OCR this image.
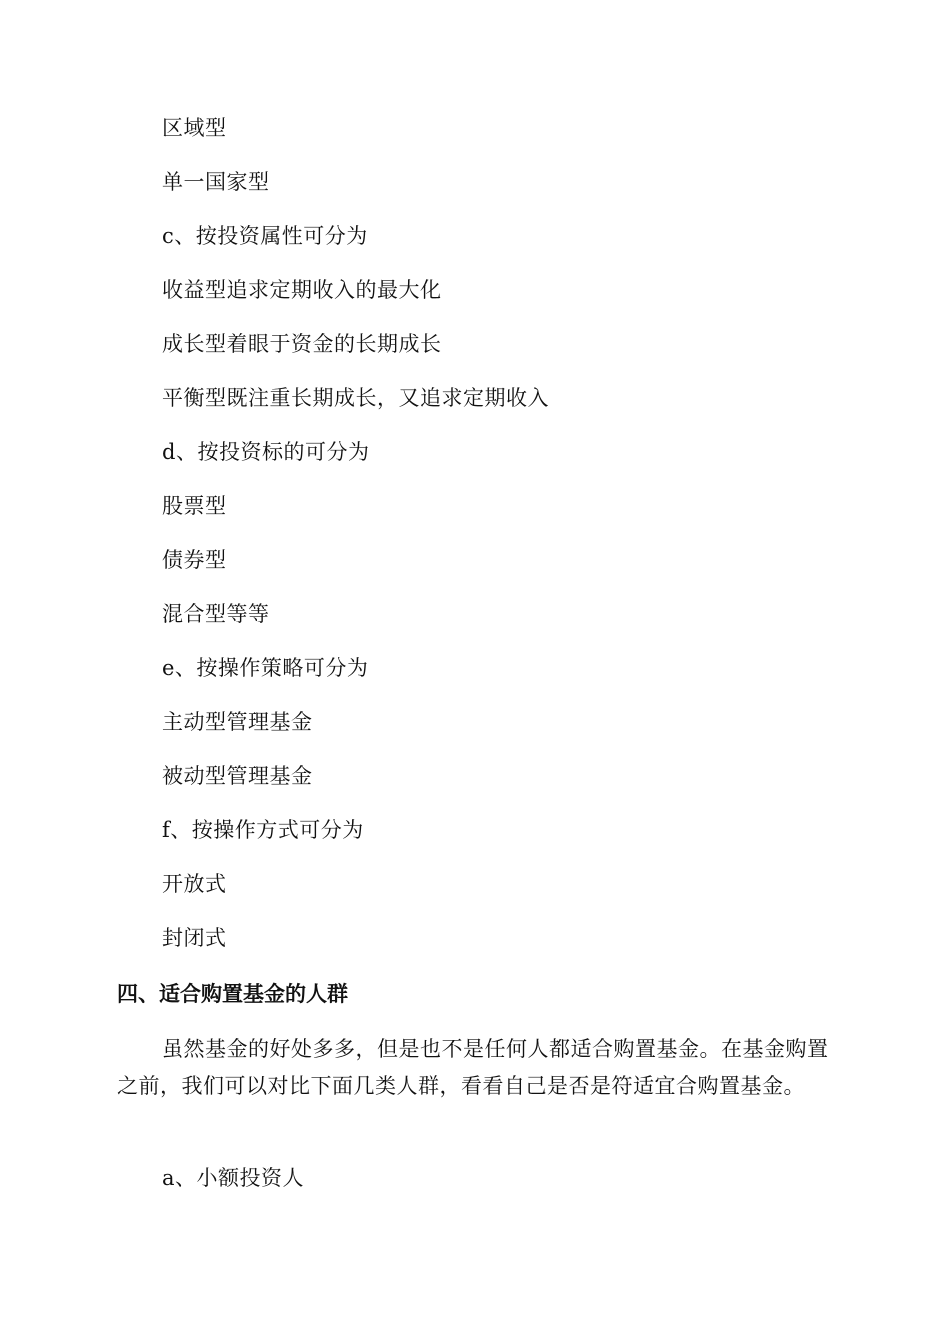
区域型
单一国家型
c、按投资属性可分为
收益型追求定期收入的最大化
成长型着眼于资金的长期成长
平衡型既注重长期成长，又追求定期收入
d、按投资标的可分为
股票型
债券型
混合型等等
e、按操作策略可分为
主动型管理基金
被动型管理基金
f、按操作方式可分为
开放式
封闭式
四、适合购置基金的人群
虽然基金的好处多多，但是也不是任何人都适合购置基金。在基金购置之前，我们可以对比下面几类人群，看看自己是否是符适宜合购置基金。
a、小额投资人
